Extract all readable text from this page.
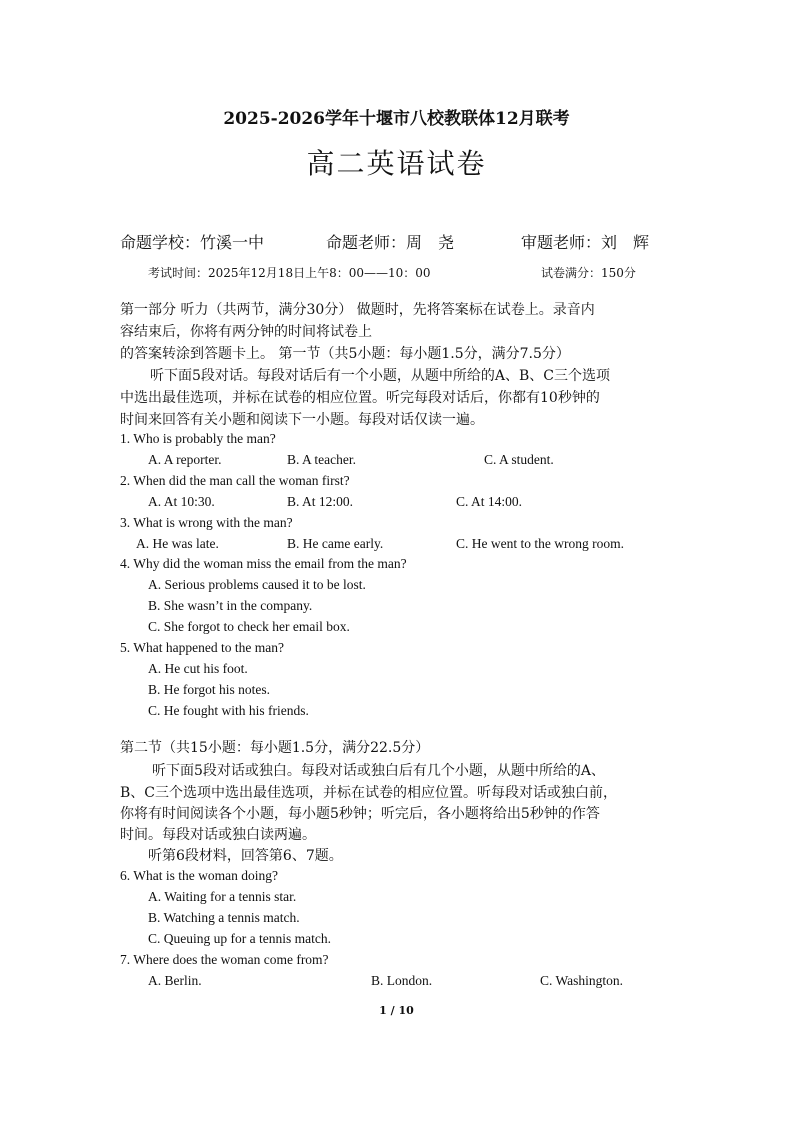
2025-2026学年十堰市八校教联体12月联考
高二英语试卷
命题学校：竹溪一中	命题老师：周　尧	审题老师：刘　辉
考试时间：2025年12月18日上午8：00——10：00	试卷满分：150分
第一部分 听力（共两节，满分30分） 做题时，先将答案标在试卷上。录音内
容结束后，你将有两分钟的时间将试卷上
的答案转涂到答题卡上。 第一节（共5小题：每小题1.5分，满分7.5分）
听下面5段对话。每段对话后有一个小题，从题中所给的A、B、C三个选项
中选出最佳选项，并标在试卷的相应位置。听完每段对话后，你都有10秒钟的
时间来回答有关小题和阅读下一小题。每段对话仅读一遍。
1. Who is probably the man?
A. A reporter.	B. A teacher.	C. A student.
2. When did the man call the woman first?
A. At 10:30.	B. At 12:00.	C. At 14:00.
3. What is wrong with the man?
A. He was late.	B. He came early.	C. He went to the wrong room.
4. Why did the woman miss the email from the man?
A. Serious problems caused it to be lost.
B. She wasn’t in the company.
C. She forgot to check her email box.
5. What happened to the man?
A. He cut his foot.
B. He forgot his notes.
C. He fought with his friends.
第二节（共15小题：每小题1.5分，满分22.5分）
听下面5段对话或独白。每段对话或独白后有几个小题，从题中所给的A、
B、C三个选项中选出最佳选项，并标在试卷的相应位置。听每段对话或独白前，
你将有时间阅读各个小题，每小题5秒钟；听完后，各小题将给出5秒钟的作答
时间。每段对话或独白读两遍。
听第6段材料，回答第6、7题。
6. What is the woman doing?
A. Waiting for a tennis star.
B. Watching a tennis match.
C. Queuing up for a tennis match.
7. Where does the woman come from?
A. Berlin.	B. London.	C. Washington.
1 / 10
